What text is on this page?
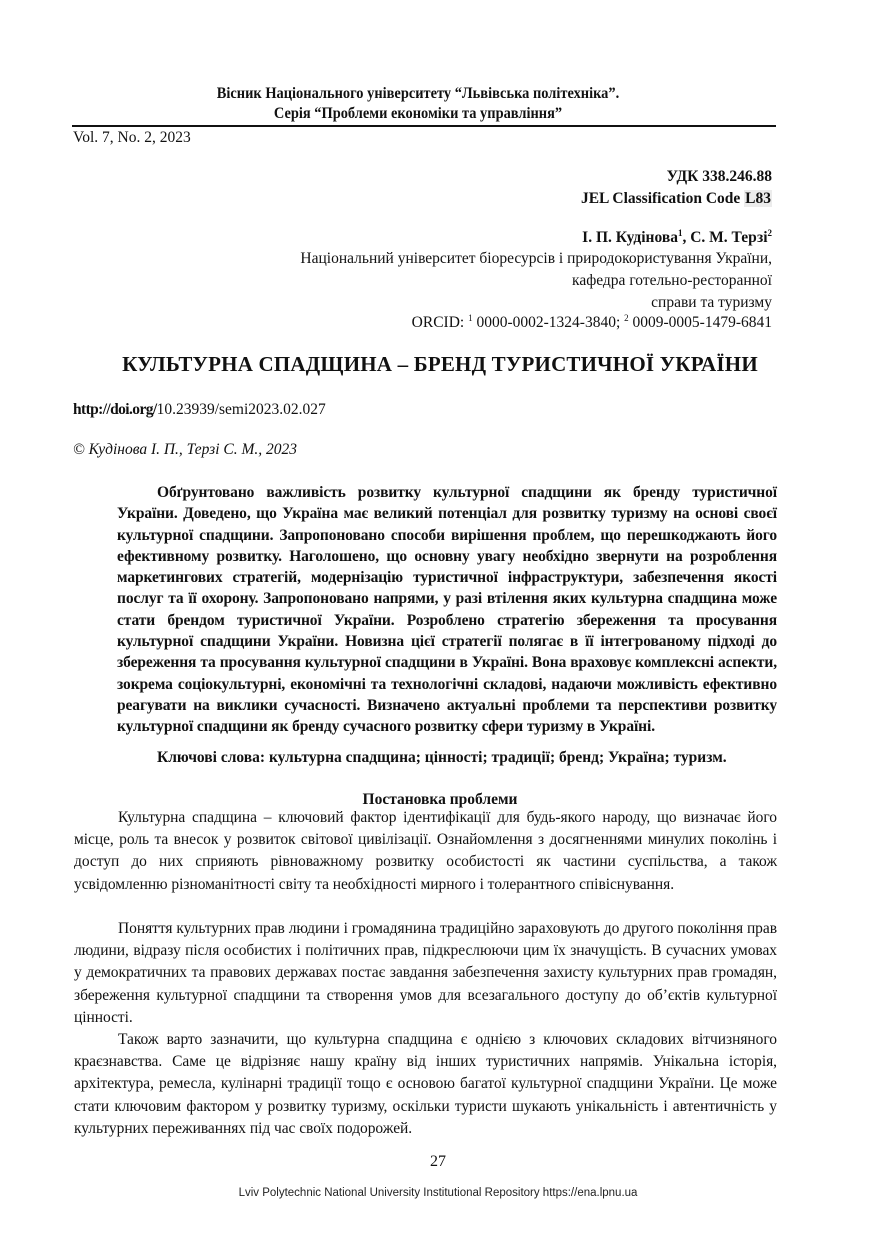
Вісник Національного університету “Львівська політехніка”.
Серія “Проблеми економіки та управління”
Vol. 7, No. 2, 2023
УДК 338.246.88
JEL Classification Code L83
І. П. Кудінова$^1$, С. М. Терзі$^2$
Національний університет біоресурсів і природокористування України,
кафедра готельно-ресторанної
справи та туризму
ORCID: $^1$ 0000-0002-1324-3840; $^2$ 0009-0005-1479-6841
КУЛЬТУРНА СПАДЩИНА – БРЕНД ТУРИСТИЧНОЇ УКРАЇНИ
http://doi.org/10.23939/semi2023.02.027
© Кудінова І. П., Терзі С. М., 2023
Обґрунтовано важливість розвитку культурної спадщини як бренду туристичної України. Доведено, що Україна має великий потенціал для розвитку туризму на основі своєї культурної спадщини. Запропоновано способи вирішення проблем, що перешкоджають його ефективному розвитку. Наголошено, що основну увагу необхідно звернути на розроблення маркетингових стратегій, модернізацію туристичної інфраструктури, забезпечення якості послуг та її охорону. Запропоновано напрями, у разі втілення яких культурна спадщина може стати брендом туристичної України. Розроблено стратегію збереження та просування культурної спадщини України. Новизна цієї стратегії полягає в її інтегрованому підході до збереження та просування культурної спадщини в Україні. Вона враховує комплексні аспекти, зокрема соціокультурні, економічні та технологічні складові, надаючи можливість ефективно реагувати на виклики сучасності. Визначено актуальні проблеми та перспективи розвитку культурної спадщини як бренду сучасного розвитку сфери туризму в Україні.
Ключові слова: культурна спадщина; цінності; традиції; бренд; Україна; туризм.
Постановка проблеми
Культурна спадщина – ключовий фактор ідентифікації для будь-якого народу, що визначає його місце, роль та внесок у розвиток світової цивілізації. Ознайомлення з досягненнями минулих поколінь і доступ до них сприяють рівноважному розвитку особистості як частини суспільства, а також усвідомленню різноманітності світу та необхідності мирного і толерантного співіснування.
Поняття культурних прав людини і громадянина традиційно зараховують до другого покоління прав людини, відразу після особистих і політичних прав, підкреслюючи цим їх значущість. В сучасних умовах у демократичних та правових державах постає завдання забезпечення захисту культурних прав громадян, збереження культурної спадщини та створення умов для всезагального доступу до об’єктів культурної цінності.
Також варто зазначити, що культурна спадщина є однією з ключових складових вітчизняного краєзнавства. Саме це відрізняє нашу країну від інших туристичних напрямів. Унікальна історія, архітектура, ремесла, кулінарні традиції тощо є основою багатої культурної спадщини України. Це може стати ключовим фактором у розвитку туризму, оскільки туристи шукають унікальність і автентичність у культурних переживаннях під час своїх подорожей.
27
Lviv Polytechnic National University Institutional Repository https://ena.lpnu.ua
